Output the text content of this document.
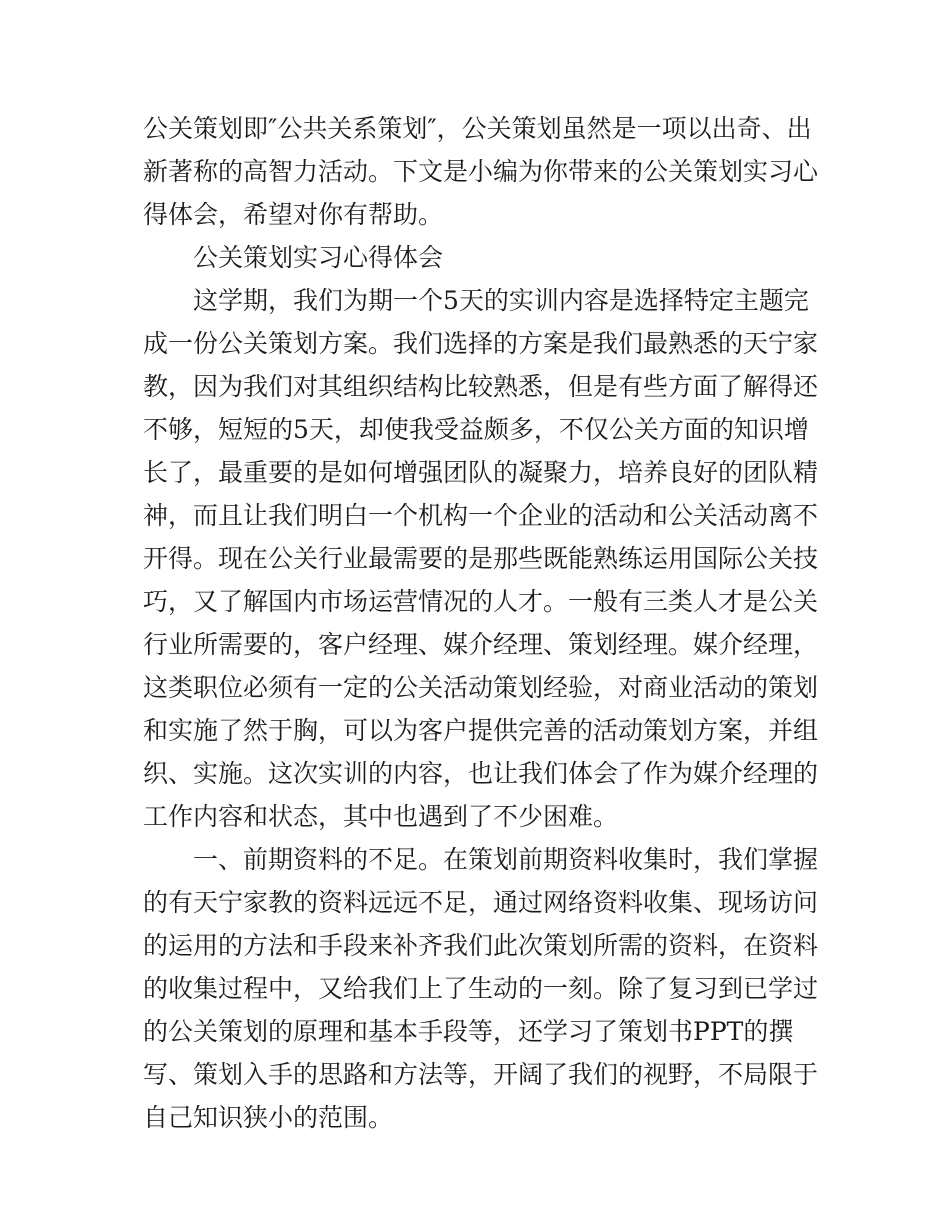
公关策划即″公共关系策划″，公关策划虽然是一项以出奇、出
新著称的高智力活动。下文是小编为你带来的公关策划实习心
得体会，希望对你有帮助。
公关策划实习心得体会
这学期，我们为期一个5天的实训内容是选择特定主题完
成一份公关策划方案。我们选择的方案是我们最熟悉的天宁家
教，因为我们对其组织结构比较熟悉，但是有些方面了解得还
不够，短短的5天，却使我受益颇多，不仅公关方面的知识增
长了，最重要的是如何增强团队的凝聚力，培养良好的团队精
神，而且让我们明白一个机构一个企业的活动和公关活动离不
开得。现在公关行业最需要的是那些既能熟练运用国际公关技
巧，又了解国内市场运营情况的人才。一般有三类人才是公关
行业所需要的，客户经理、媒介经理、策划经理。媒介经理，
这类职位必须有一定的公关活动策划经验，对商业活动的策划
和实施了然于胸，可以为客户提供完善的活动策划方案，并组
织、实施。这次实训的内容，也让我们体会了作为媒介经理的
工作内容和状态，其中也遇到了不少困难。
一、前期资料的不足。在策划前期资料收集时，我们掌握
的有天宁家教的资料远远不足，通过网络资料收集、现场访问
的运用的方法和手段来补齐我们此次策划所需的资料，在资料
的收集过程中，又给我们上了生动的一刻。除了复习到已学过
的公关策划的原理和基本手段等，还学习了策划书PPT的撰
写、策划入手的思路和方法等，开阔了我们的视野，不局限于
自己知识狭小的范围。
